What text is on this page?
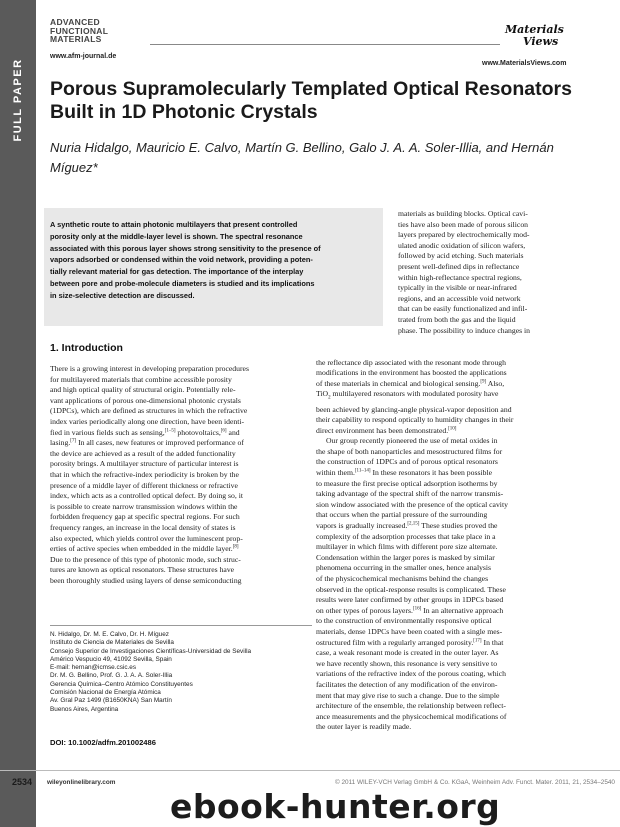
FULL PAPER
ADVANCED
FUNCTIONAL
MATERIALS
www.afm-journal.de
Materials
Views
www.MaterialsViews.com
Porous Supramolecularly Templated Optical Resonators Built in 1D Photonic Crystals
Nuria Hidalgo, Mauricio E. Calvo, Martín G. Bellino, Galo J. A. A. Soler-Illia, and Hernán Míguez*
A synthetic route to attain photonic multilayers that present controlled
porosity only at the middle-layer level is shown. The spectral resonance
associated with this porous layer shows strong sensitivity to the presence of
vapors adsorbed or condensed within the void network, providing a poten-
tially relevant material for gas detection. The importance of the interplay
between pore and probe-molecule diameters is studied and its implications
in size-selective detection are discussed.
materials as building blocks. Optical cavi-
ties have also been made of porous silicon
layers prepared by electrochemically mod-
ulated anodic oxidation of silicon wafers,
followed by acid etching. Such materials
present well-defined dips in reflectance
within high-reflectance spectral regions,
typically in the visible or near-infrared
regions, and an accessible void network
that can be easily functionalized and infil-
trated from both the gas and the liquid
phase. The possibility to induce changes in
1. Introduction
There is a growing interest in developing preparation procedures
for multilayered materials that combine accessible porosity
and high optical quality of structural origin. Potentially rele-
vant applications of porous one-dimensional photonic crystals
(1DPCs), which are defined as structures in which the refractive
index varies periodically along one direction, have been identi-
fied in various fields such as sensing,[1–5] photovoltaics,[6] and
lasing.[7] In all cases, new features or improved performance of
the device are achieved as a result of the added functionality
porosity brings. A multilayer structure of particular interest is
that in which the refractive-index periodicity is broken by the
presence of a middle layer of different thickness or refractive
index, which acts as a controlled optical defect. By doing so, it
is possible to create narrow transmission windows within the
forbidden frequency gap at specific spectral regions. For such
frequency ranges, an increase in the local density of states is
also expected, which yields control over the luminescent prop-
erties of active species when embedded in the middle layer.[8]
Due to the presence of this type of photonic mode, such struc-
tures are known as optical resonators. These structures have
been thoroughly studied using layers of dense semiconducting

the reflectance dip associated with the resonant mode through
modifications in the environment has boosted the applications
of these materials in chemical and biological sensing.[9] Also,
TiO$_2$ multilayered resonators with modulated porosity have
been achieved by glancing-angle physical-vapor deposition and
their capability to respond optically to humidity changes in their
direct environment has been demonstrated.[10]

Our group recently pioneered the use of metal oxides in
the shape of both nanoparticles and mesostructured films for
the construction of 1DPCs and of porous optical resonators
within them.[11–14] In these resonators it has been possible
to measure the first precise optical adsorption isotherms by
taking advantage of the spectral shift of the narrow transmis-
sion window associated with the presence of the optical cavity
that occurs when the partial pressure of the surrounding
vapors is gradually increased.[2,15] These studies proved the
complexity of the adsorption processes that take place in a
multilayer in which films with different pore size alternate.
Condensation within the larger pores is masked by similar
phenomena occurring in the smaller ones, hence analysis
of the physicochemical mechanisms behind the changes
observed in the optical-response results is complicated. These
results were later confirmed by other groups in 1DPCs based
on other types of porous layers.[16] In an alternative approach
to the construction of environmentally responsive optical
materials, dense 1DPCs have been coated with a single mes-
ostructured film with a regularly arranged porosity.[17] In that
case, a weak resonant mode is created in the outer layer. As
we have recently shown, this resonance is very sensitive to
variations of the refractive index of the porous coating, which
facilitates the detection of any modification of the environ-
ment that may give rise to such a change. Due to the simple
architecture of the ensemble, the relationship between reflect-
ance measurements and the physicochemical modifications of
the outer layer is readily made.

N. Hidalgo, Dr. M. E. Calvo, Dr. H. Míguez
Instituto de Ciencia de Materiales de Sevilla
Consejo Superior de Investigaciones Científicas-Universidad de Sevilla
Américo Vespucio 49, 41092 Sevilla, Spain
E-mail: hernan@icmse.csic.es
Dr. M. G. Bellino, Prof. G. J. A. A. Soler-Illia
Gerencia Química–Centro Atómico Constituyentes
Comisión Nacional de Energía Atómica
Av. Gral Paz 1499 (B1650KNA) San Martín
Buenos Aires, Argentina
DOI: 10.1002/adfm.201002486
2534 wileyonlinelibrary.com	© 2011 WILEY-VCH Verlag GmbH & Co. KGaA, Weinheim Adv. Funct. Mater. 2011, 21, 2534–2540
ebook-hunter.org
